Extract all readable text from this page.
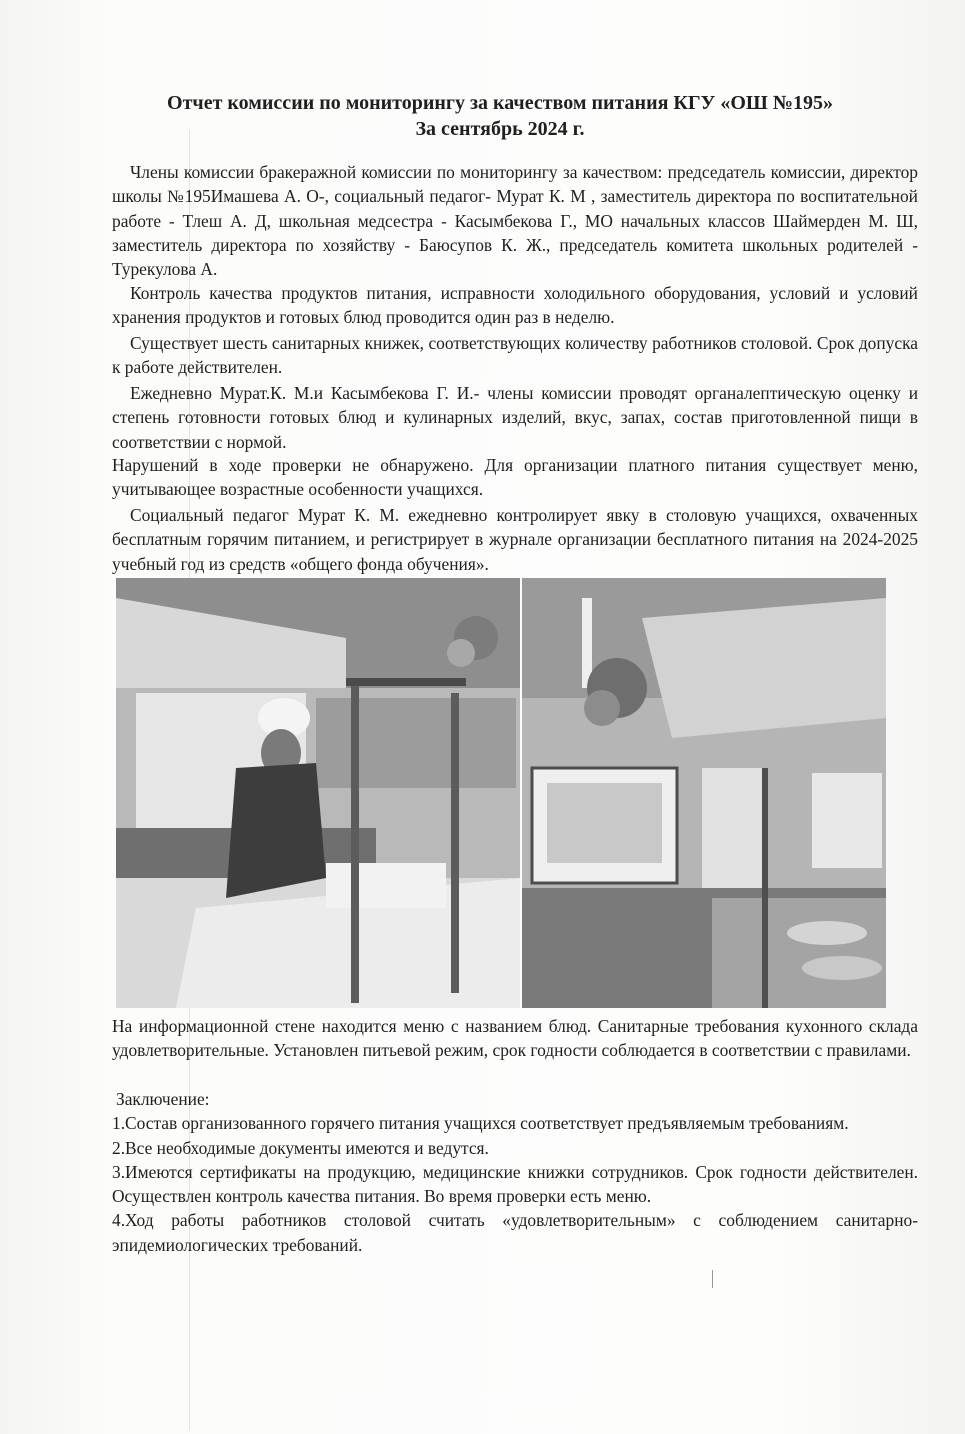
Отчет комиссии по мониторингу за качеством питания КГУ «ОШ №195»
За сентябрь 2024 г.

Члены комиссии бракеражной комиссии по мониторингу за качеством: председатель комиссии, директор школы №195Имашева А. О-, социальный педагог- Мурат К. М , заместитель директора по воспитательной работе - Тлеш А. Д, школьная медсестра - Касымбекова Г., МО начальных классов Шаймерден М. Ш, заместитель директора по хозяйству - Баюсупов К. Ж., председатель комитета школьных родителей - Турекулова А.

Контроль качества продуктов питания, исправности холодильного оборудования, условий и условий хранения продуктов и готовых блюд проводится один раз в неделю.

Существует шесть санитарных книжек, соответствующих количеству работников столовой. Срок допуска к работе действителен.

Ежедневно Мурат.К. М.и Касымбекова Г. И.- члены комиссии проводят органалептическую оценку и степень готовности готовых блюд и кулинарных изделий, вкус, запах, состав приготовленной пищи в соответствии с нормой.

Нарушений в ходе проверки не обнаружено. Для организации платного питания существует меню, учитывающее возрастные особенности учащихся.

Социальный педагог Мурат К. М. ежедневно контролирует явку в столовую учащихся, охваченных бесплатным горячим питанием, и регистрирует в журнале организации бесплатного питания на 2024-2025 учебный год из средств «общего фонда обучения».

На информационной стене находится меню с названием блюд. Санитарные требования кухонного склада удовлетворительные. Установлен питьевой режим, срок годности соблюдается в соответствии с правилами.

Заключение:
1.Состав организованного горячего питания учащихся соответствует предъявляемым требованиям.
2.Все необходимые документы имеются и ведутся.
3.Имеются сертификаты на продукцию, медицинские книжки сотрудников. Срок годности действителен. Осуществлен контроль качества питания. Во время проверки есть меню.
4.Ход работы работников столовой считать «удовлетворительным» с соблюдением санитарно-эпидемиологических требований.
